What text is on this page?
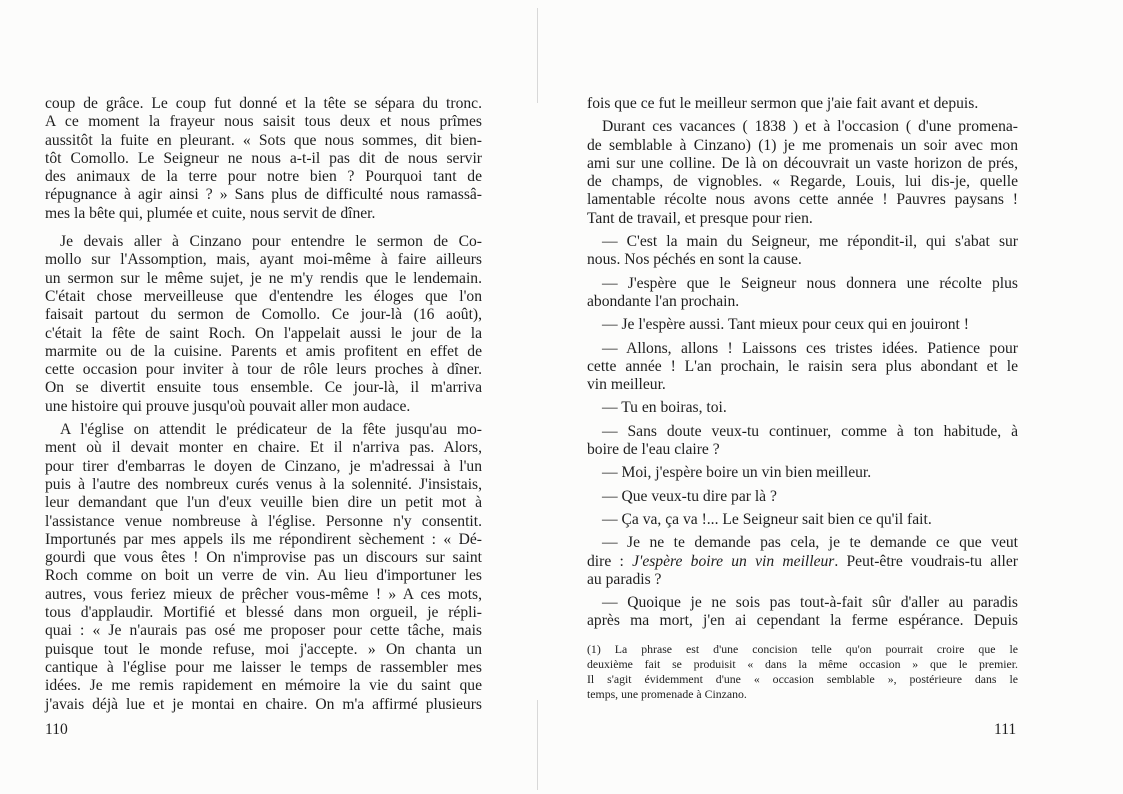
coup de grâce. Le coup fut donné et la tête se sépara du tronc.
A ce moment la frayeur nous saisit tous deux et nous prîmes
aussitôt la fuite en pleurant. « Sots que nous sommes, dit bien-
tôt Comollo. Le Seigneur ne nous a-t-il pas dit de nous servir
des animaux de la terre pour notre bien ? Pourquoi tant de
répugnance à agir ainsi ? » Sans plus de difficulté nous ramassâ-
mes la bête qui, plumée et cuite, nous servit de dîner.
Je devais aller à Cinzano pour entendre le sermon de Co-
mollo sur l'Assomption, mais, ayant moi-même à faire ailleurs
un sermon sur le même sujet, je ne m'y rendis que le lendemain.
C'était chose merveilleuse que d'entendre les éloges que l'on
faisait partout du sermon de Comollo. Ce jour-là (16 août),
c'était la fête de saint Roch. On l'appelait aussi le jour de la
marmite ou de la cuisine. Parents et amis profitent en effet de
cette occasion pour inviter à tour de rôle leurs proches à dîner.
On se divertit ensuite tous ensemble. Ce jour-là, il m'arriva
une histoire qui prouve jusqu'où pouvait aller mon audace.
A l'église on attendit le prédicateur de la fête jusqu'au mo-
ment où il devait monter en chaire. Et il n'arriva pas. Alors,
pour tirer d'embarras le doyen de Cinzano, je m'adressai à l'un
puis à l'autre des nombreux curés venus à la solennité. J'insistais,
leur demandant que l'un d'eux veuille bien dire un petit mot à
l'assistance venue nombreuse à l'église. Personne n'y consentit.
Importunés par mes appels ils me répondirent sèchement : « Dé-
gourdi que vous êtes ! On n'improvise pas un discours sur saint
Roch comme on boit un verre de vin. Au lieu d'importuner les
autres, vous feriez mieux de prêcher vous-même ! » A ces mots,
tous d'applaudir. Mortifié et blessé dans mon orgueil, je répli-
quai : « Je n'aurais pas osé me proposer pour cette tâche, mais
puisque tout le monde refuse, moi j'accepte. » On chanta un
cantique à l'église pour me laisser le temps de rassembler mes
idées. Je me remis rapidement en mémoire la vie du saint que
j'avais déjà lue et je montai en chaire. On m'a affirmé plusieurs
fois que ce fut le meilleur sermon que j'aie fait avant et depuis.
Durant ces vacances ( 1838 ) et à l'occasion ( d'une promena-
de semblable à Cinzano) (1) je me promenais un soir avec mon
ami sur une colline. De là on découvrait un vaste horizon de prés,
de champs, de vignobles. « Regarde, Louis, lui dis-je, quelle
lamentable récolte nous avons cette année ! Pauvres paysans !
Tant de travail, et presque pour rien.
— C'est la main du Seigneur, me répondit-il, qui s'abat sur
nous. Nos péchés en sont la cause.
— J'espère que le Seigneur nous donnera une récolte plus
abondante l'an prochain.
— Je l'espère aussi. Tant mieux pour ceux qui en jouiront !
— Allons, allons ! Laissons ces tristes idées. Patience pour
cette année ! L'an prochain, le raisin sera plus abondant et le
vin meilleur.
— Tu en boiras, toi.
— Sans doute veux-tu continuer, comme à ton habitude, à
boire de l'eau claire ?
— Moi, j'espère boire un vin bien meilleur.
— Que veux-tu dire par là ?
— Ça va, ça va !... Le Seigneur sait bien ce qu'il fait.
— Je ne te demande pas cela, je te demande ce que veut
dire : J'espère boire un vin meilleur. Peut-être voudrais-tu aller
au paradis ?
— Quoique je ne sois pas tout-à-fait sûr d'aller au paradis
après ma mort, j'en ai cependant la ferme espérance. Depuis
(1) La phrase est d'une concision telle qu'on pourrait croire que le
deuxième fait se produisit « dans la même occasion » que le premier.
Il s'agit évidemment d'une « occasion semblable », postérieure dans le
temps, une promenade à Cinzano.
110	111
